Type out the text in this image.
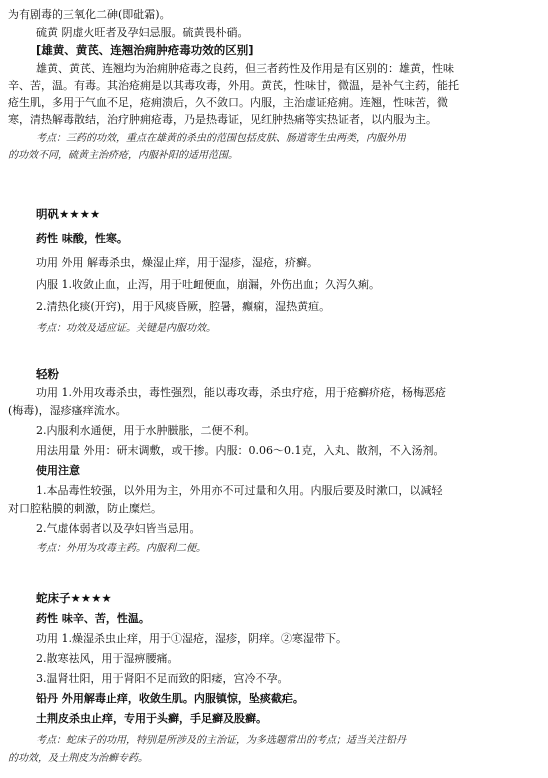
为有剧毒的三氧化二砷(即砒霜)。
硫黄 阴虚火旺者及孕妇忌服。硫黄畏朴硝。
[雄黄、黄芪、连翘治痈肿疮毒功效的区别]
雄黄、黄芪、连翘均为治痈肿疮毒之良药，但三者药性及作用是有区别的：雄黄，性味
辛、苦，温。有毒。其治疮痈是以其毒攻毒，外用。黄芪，性味甘，微温，是补气主药，能托
疮生肌，多用于气血不足，疮痈溃后，久不敛口。内服，主治虚证疮痈。连翘，性味苦，微
寒，清热解毒散结，治疗肿痈疮毒，乃是热毒证，见红肿热痛等实热证者，以内服为主。
考点：三药的功效，重点在雄黄的杀虫的范围包括皮肤、肠道寄生虫两类，内服外用
的功效不同，硫黄主治疥疮，内服补阳的适用范围。
明矾★★★★
药性 味酸，性寒。
功用 外用 解毒杀虫，燥湿止痒，用于湿疹，湿疮，疥癣。
内服 1.收敛止血，止泻，用于吐衄便血，崩漏，外伤出血；久泻久痢。
2.清热化痰(开窍)，用于风痰昏厥，腔暑，癫痫，湿热黄疸。
考点：功效及适应证。关键是内服功效。
轻粉
功用 1.外用攻毒杀虫，毒性强烈，能以毒攻毒，杀虫疗疮，用于疮癣疥疮，杨梅恶疮
(梅毒)，湿疹瘙痒流水。
2.内服利水通便，用于水肿臌胀，二便不利。
用法用量 外用：研末调敷，或干掺。内服：0.06～0.1克，入丸、散剂，不入汤剂。
使用注意
1.本品毒性较强，以外用为主，外用亦不可过量和久用。内服后要及时漱口，以减轻
对口腔粘膜的刺激，防止糜烂。
2.气虚体弱者以及孕妇皆当忌用。
考点：外用为攻毒主药。内服利二便。
蛇床子★★★★
药性 味辛、苦，性温。
功用 1.燥湿杀虫止痒，用于①湿疮，湿疹，阴痒。②寒湿带下。
2.散寒祛风，用于湿痹腰痛。
3.温肾壮阳，用于肾阳不足而致的阳痿，宫冷不孕。
铅丹 外用解毒止痒，收敛生肌。内服镇惊，坠痰截疟。
土荆皮杀虫止痒，专用于头癣，手足癣及股癣。
考点：蛇床子的功用，特别是所涉及的主治证，为多选题常出的考点；适当关注铅丹
的功效，及土荆皮为治癣专药。
